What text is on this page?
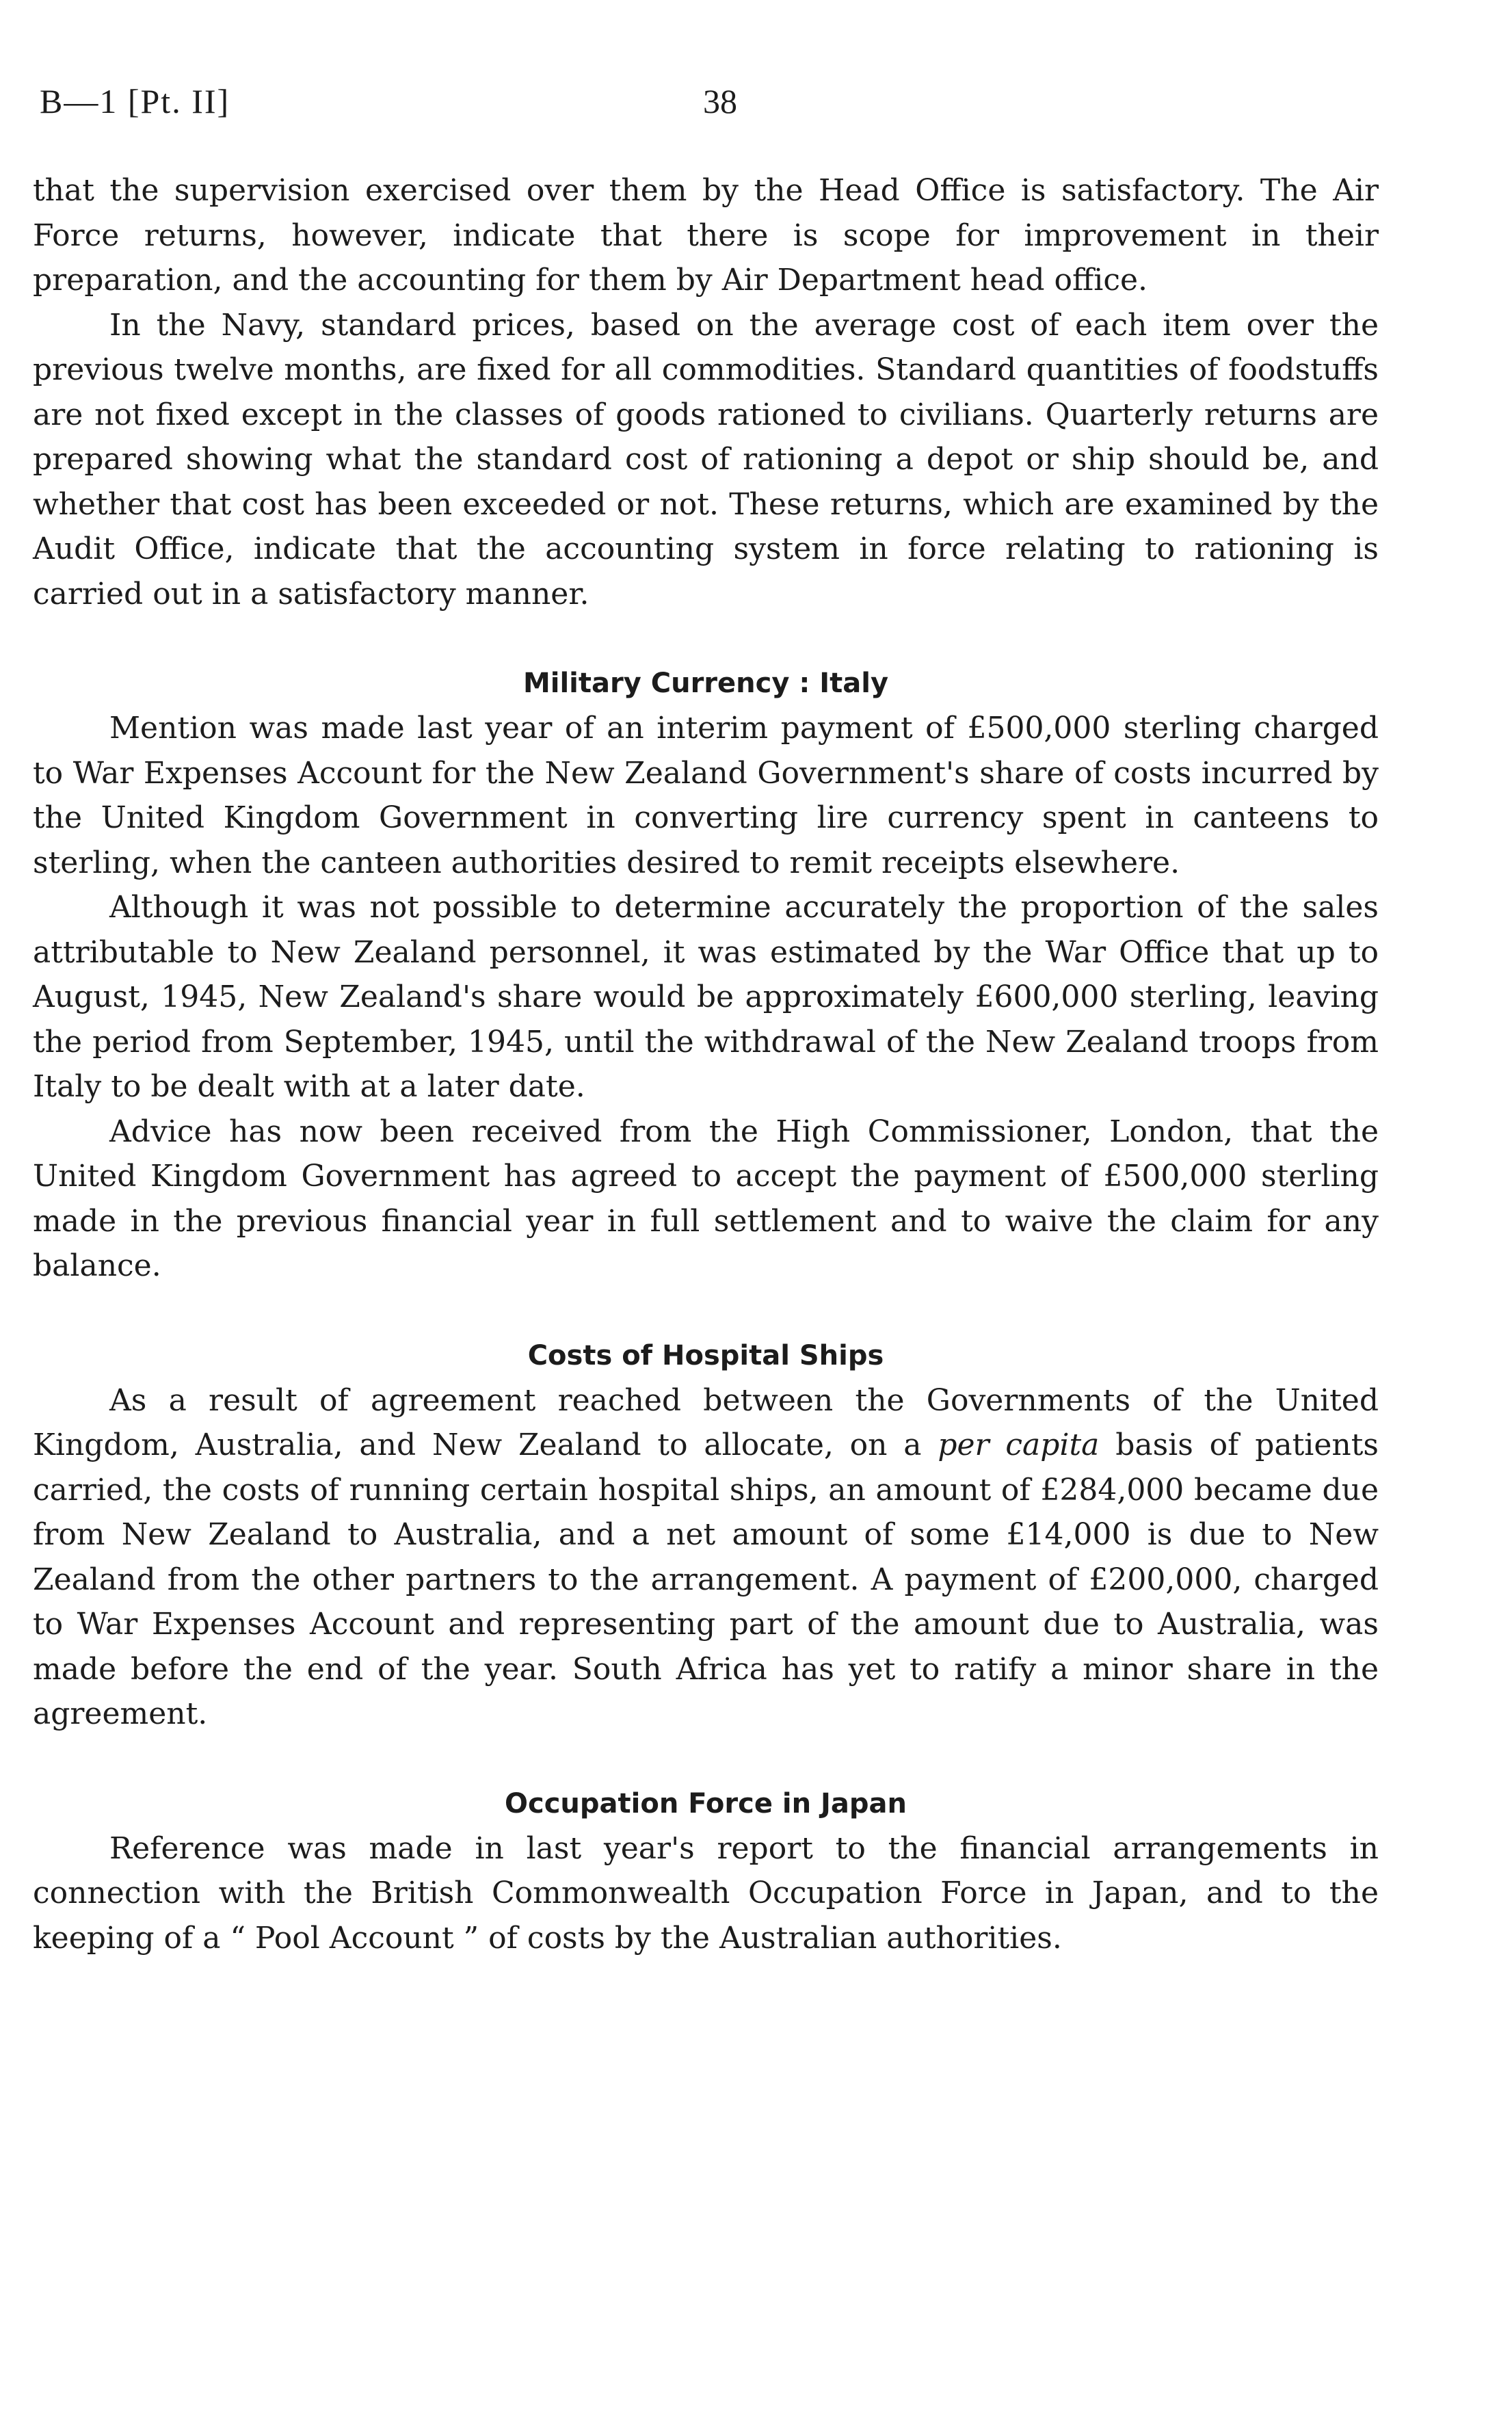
B—1 [Pt. II]	38

that the supervision exercised over them by the Head Office is satisfactory. The Air Force returns, however, indicate that there is scope for improvement in their preparation, and the accounting for them by Air Department head office.

In the Navy, standard prices, based on the average cost of each item over the previous twelve months, are fixed for all commodities. Standard quantities of foodstuffs are not fixed except in the classes of goods rationed to civilians. Quarterly returns are prepared showing what the standard cost of rationing a depot or ship should be, and whether that cost has been exceeded or not. These returns, which are examined by the Audit Office, indicate that the accounting system in force relating to rationing is carried out in a satisfactory manner.

Military Currency : Italy

Mention was made last year of an interim payment of £500,000 sterling charged to War Expenses Account for the New Zealand Government's share of costs incurred by the United Kingdom Government in converting lire currency spent in canteens to sterling, when the canteen authorities desired to remit receipts elsewhere.

Although it was not possible to determine accurately the proportion of the sales attributable to New Zealand personnel, it was estimated by the War Office that up to August, 1945, New Zealand's share would be approximately £600,000 sterling, leaving the period from September, 1945, until the withdrawal of the New Zealand troops from Italy to be dealt with at a later date.

Advice has now been received from the High Commissioner, London, that the United Kingdom Government has agreed to accept the payment of £500,000 sterling made in the previous financial year in full settlement and to waive the claim for any balance.

Costs of Hospital Ships

As a result of agreement reached between the Governments of the United Kingdom, Australia, and New Zealand to allocate, on a per capita basis of patients carried, the costs of running certain hospital ships, an amount of £284,000 became due from New Zealand to Australia, and a net amount of some £14,000 is due to New Zealand from the other partners to the arrangement. A payment of £200,000, charged to War Expenses Account and representing part of the amount due to Australia, was made before the end of the year. South Africa has yet to ratify a minor share in the agreement.

Occupation Force in Japan

Reference was made in last year's report to the financial arrangements in connection with the British Commonwealth Occupation Force in Japan, and to the keeping of a “ Pool Account ” of costs by the Australian authorities.
